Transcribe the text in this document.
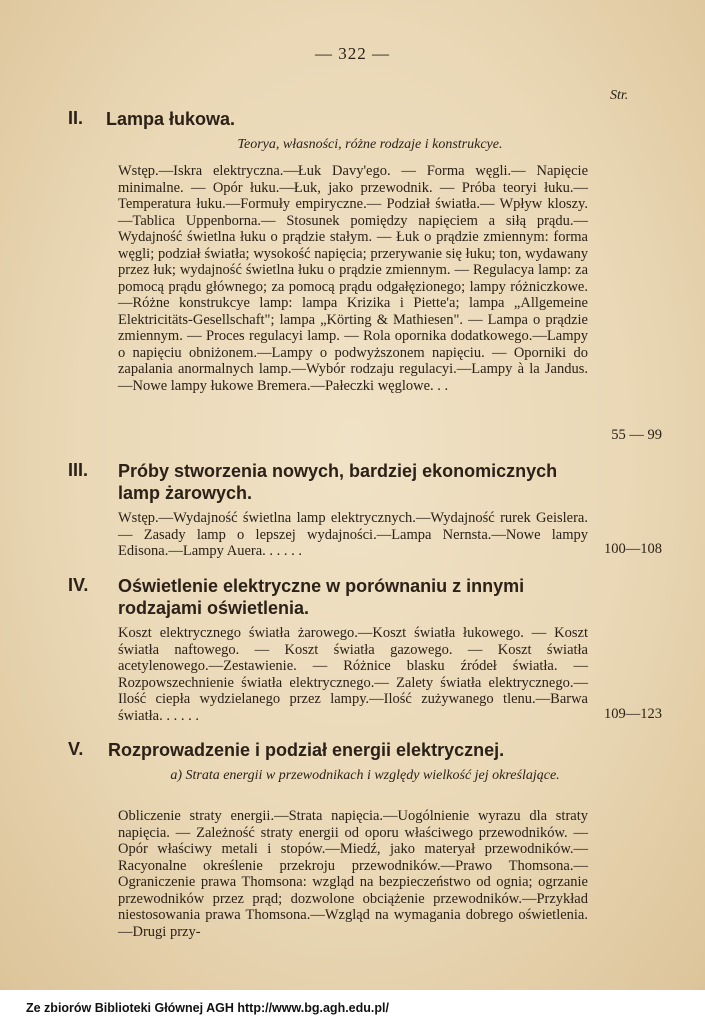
— 322 —
Str.
II. Lampa łukowa.
Teorya, własności, różne rodzaje i konstrukcye.
Wstęp.—Iskra elektryczna.—Łuk Davy'ego. — Forma węgli.— Napięcie minimalne. — Opór łuku.—Łuk, jako przewodnik. — Próba teoryi łuku.—Temperatura łuku.—Formuły empiryczne.— Podział światła.— Wpływ kloszy.—Tablica Uppenborna.— Stosunek pomiędzy napięciem a siłą prądu.—Wydajność świetlna łuku o prądzie stałym. — Łuk o prądzie zmiennym: forma węgli; podział światła; wysokość napięcia; przerywanie się łuku; ton, wydawany przez łuk; wydajność świetlna łuku o prądzie zmiennym. — Regulacya lamp: za pomocą prądu głównego; za pomocą prądu odgałęzionego; lampy różniczkowe.—Różne konstrukcye lamp: lampa Krizika i Piette'a; lampa „Allgemeine Elektricitäts-Gesellschaft"; lampa „Körting & Mathiesen". — Lampa o prądzie zmiennym. — Proces regulacyi lamp. — Rola opornika dodatkowego.—Lampy o napięciu obniżonem.—Lampy o podwyższonem napięciu. — Oporniki do zapalania anormalnych lamp.—Wybór rodzaju regulacyi.—Lampy à la Jandus.—Nowe lampy łukowe Bremera.—Pałeczki węglowe. . .
55 — 99
III. Próby stworzenia nowych, bardziej ekonomicznych lamp żarowych.
Wstęp.—Wydajność świetlna lamp elektrycznych.—Wydajność rurek Geislera. — Zasady lamp o lepszej wydajności.—Lampa Nernsta.—Nowe lampy Edisona.—Lampy Auera. . . . . .	100—108
IV. Oświetlenie elektryczne w porównaniu z innymi rodzajami oświetlenia.
Koszt elektrycznego światła żarowego.—Koszt światła łukowego. — Koszt światła naftowego. — Koszt światła gazowego. — Koszt światła acetylenowego.—Zestawienie. — Różnice blasku źródeł światła. — Rozpowszechnienie światła elektrycznego.— Zalety światła elektrycznego.—Ilość ciepła wydzielanego przez lampy.—Ilość zużywanego tlenu.—Barwa światła. . . . . .	109—123
V. Rozprowadzenie i podział energii elektrycznej.
a) Strata energii w przewodnikach i względy wielkość jej określające.
Obliczenie straty energii.—Strata napięcia.—Uogólnienie wyrazu dla straty napięcia. — Zależność straty energii od oporu właściwego przewodników. — Opór właściwy metali i stopów.—Miedź, jako materyał przewodników.—Racyonalne określenie przekroju przewodników.—Prawo Thomsona.—Ograniczenie prawa Thomsona: wzgląd na bezpieczeństwo od ognia; ogrzanie przewodników przez prąd; dozwolone obciążenie przewodników.—Przykład niestosowania prawa Thomsona.—Wzgląd na wymagania dobrego oświetlenia.—Drugi przy-
Ze zbiorów Biblioteki Głównej AGH http://www.bg.agh.edu.pl/
